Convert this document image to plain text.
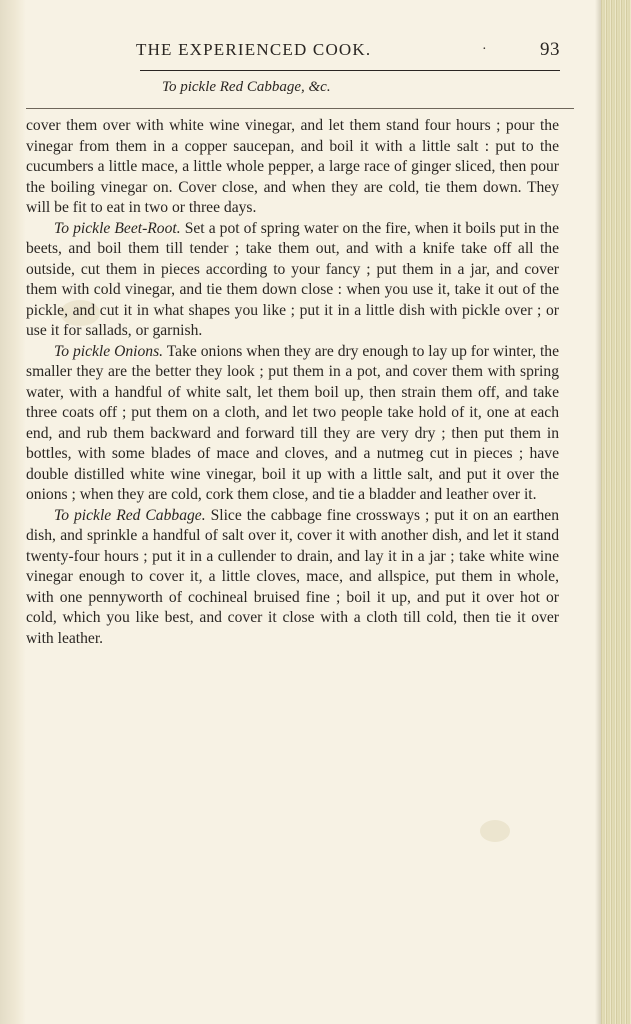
THE EXPERIENCED COOK.	·	93
To pickle Red Cabbage, &c.

cover them over with white wine vinegar, and let them stand four hours ; pour the vinegar from them in a copper saucepan, and boil it with a little salt : put to the cucumbers a little mace, a little whole pepper, a large race of ginger sliced, then pour the boiling vinegar on. Cover close, and when they are cold, tie them down. They will be fit to eat in two or three days.

To pickle Beet-Root. Set a pot of spring water on the fire, when it boils put in the beets, and boil them till tender ; take them out, and with a knife take off all the outside, cut them in pieces according to your fancy ; put them in a jar, and cover them with cold vinegar, and tie them down close : when you use it, take it out of the pickle, and cut it in what shapes you like ; put it in a little dish with pickle over ; or use it for sallads, or garnish.

To pickle Onions. Take onions when they are dry enough to lay up for winter, the smaller they are the better they look ; put them in a pot, and cover them with spring water, with a handful of white salt, let them boil up, then strain them off, and take three coats off ; put them on a cloth, and let two people take hold of it, one at each end, and rub them backward and forward till they are very dry ; then put them in bottles, with some blades of mace and cloves, and a nutmeg cut in pieces ; have double distilled white wine vinegar, boil it up with a little salt, and put it over the onions ; when they are cold, cork them close, and tie a bladder and leather over it.

To pickle Red Cabbage. Slice the cabbage fine crossways ; put it on an earthen dish, and sprinkle a handful of salt over it, cover it with another dish, and let it stand twenty-four hours ; put it in a cullender to drain, and lay it in a jar ; take white wine vinegar enough to cover it, a little cloves, mace, and allspice, put them in whole, with one pennyworth of cochineal bruised fine ; boil it up, and put it over hot or cold, which you like best, and cover it close with a cloth till cold, then tie it over with leather.
